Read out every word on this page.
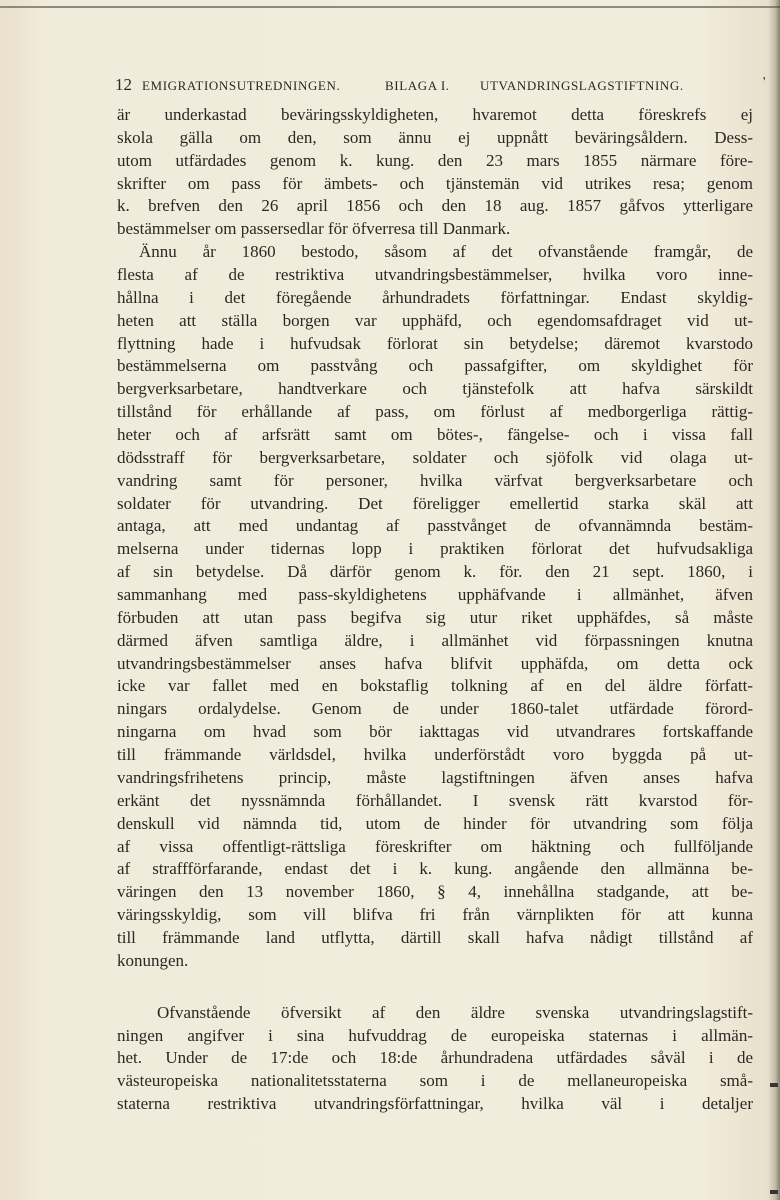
12 EMIGRATIONSUTREDNINGEN.	BILAGA I. UTVANDRINGSLAGSTIFTNING.	'
är underkastad beväringsskyldigheten, hvaremot detta föreskrefs ej
skola gälla om den, som ännu ej uppnått beväringsåldern. Dess-
utom utfärdades genom k. kung. den 23 mars 1855 närmare före-
skrifter om pass för ämbets- och tjänstemän vid utrikes resa; genom
k. brefven den 26 april 1856 och den 18 aug. 1857 gåfvos ytterligare
bestämmelser om passersedlar för öfverresa till Danmark.
Ännu år 1860 bestodo, såsom af det ofvanstående framgår, de
flesta af de restriktiva utvandringsbestämmelser, hvilka voro inne-
hållna i det föregående århundradets författningar. Endast skyldig-
heten att ställa borgen var upphäfd, och egendomsafdraget vid ut-
flyttning hade i hufvudsak förlorat sin betydelse; däremot kvarstodo
bestämmelserna om passtvång och passafgifter, om skyldighet för
bergverksarbetare, handtverkare och tjänstefolk att hafva särskildt
tillstånd för erhållande af pass, om förlust af medborgerliga rättig-
heter och af arfsrätt samt om bötes-, fängelse- och i vissa fall
dödsstraff för bergverksarbetare, soldater och sjöfolk vid olaga ut-
vandring samt för personer, hvilka värfvat bergverksarbetare och
soldater för utvandring. Det föreligger emellertid starka skäl att
antaga, att med undantag af passtvånget de ofvannämnda bestäm-
melserna under tidernas lopp i praktiken förlorat det hufvudsakliga
af sin betydelse. Då därför genom k. för. den 21 sept. 1860, i
sammanhang med pass-skyldighetens upphäfvande i allmänhet, äfven
förbuden att utan pass begifva sig utur riket upphäfdes, så måste
därmed äfven samtliga äldre, i allmänhet vid förpassningen knutna
utvandringsbestämmelser anses hafva blifvit upphäfda, om detta ock
icke var fallet med en bokstaflig tolkning af en del äldre författ-
ningars ordalydelse. Genom de under 1860-talet utfärdade förord-
ningarna om hvad som bör iakttagas vid utvandrares fortskaffande
till främmande världsdel, hvilka underförstådt voro byggda på ut-
vandringsfrihetens princip, måste lagstiftningen äfven anses hafva
erkänt det nyssnämnda förhållandet. I svensk rätt kvarstod för-
denskull vid nämnda tid, utom de hinder för utvandring som följa
af vissa offentligt-rättsliga föreskrifter om häktning och fullföljande
af straffförfarande, endast det i k. kung. angående den allmänna be-
väringen den 13 november 1860, § 4, innehållna stadgande, att be-
väringsskyldig, som vill blifva fri från värnplikten för att kunna
till främmande land utflytta, därtill skall hafva nådigt tillstånd af
konungen.
Ofvanstående öfversikt af den äldre svenska utvandringslagstift-
ningen angifver i sina hufvuddrag de europeiska staternas i allmän-
het. Under de 17:de och 18:de århundradena utfärdades såväl i de
västeuropeiska nationalitetsstaterna som i de mellaneuropeiska små-
staterna restriktiva utvandringsförfattningar, hvilka väl i detaljer
